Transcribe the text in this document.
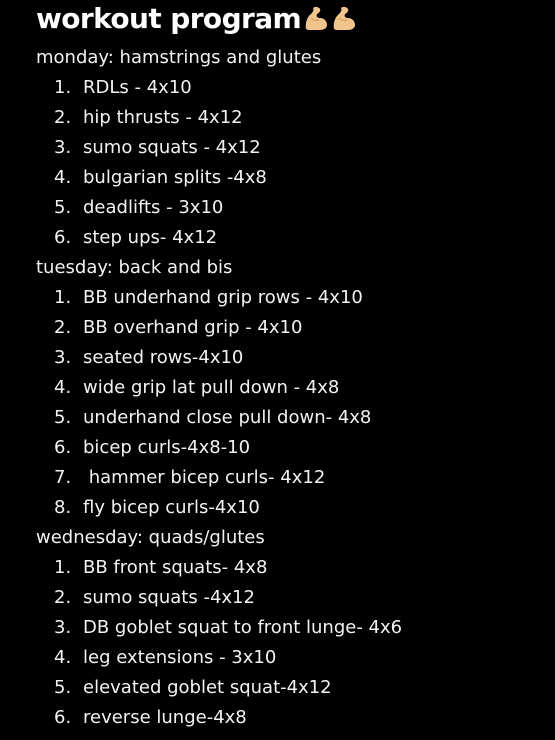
workout program
monday: hamstrings and glutes
1. RDLs - 4x10
2. hip thrusts - 4x12
3. sumo squats - 4x12
4. bulgarian splits -4x8
5. deadlifts - 3x10
6. step ups- 4x12
tuesday: back and bis
1. BB underhand grip rows - 4x10
2. BB overhand grip - 4x10
3. seated rows-4x10
4. wide grip lat pull down - 4x8
5. underhand close pull down- 4x8
6. bicep curls-4x8-10
7. hammer bicep curls- 4x12
8. fly bicep curls-4x10
wednesday: quads/glutes
1. BB front squats- 4x8
2. sumo squats -4x12
3. DB goblet squat to front lunge- 4x6
4. leg extensions - 3x10
5. elevated goblet squat-4x12
6. reverse lunge-4x8
